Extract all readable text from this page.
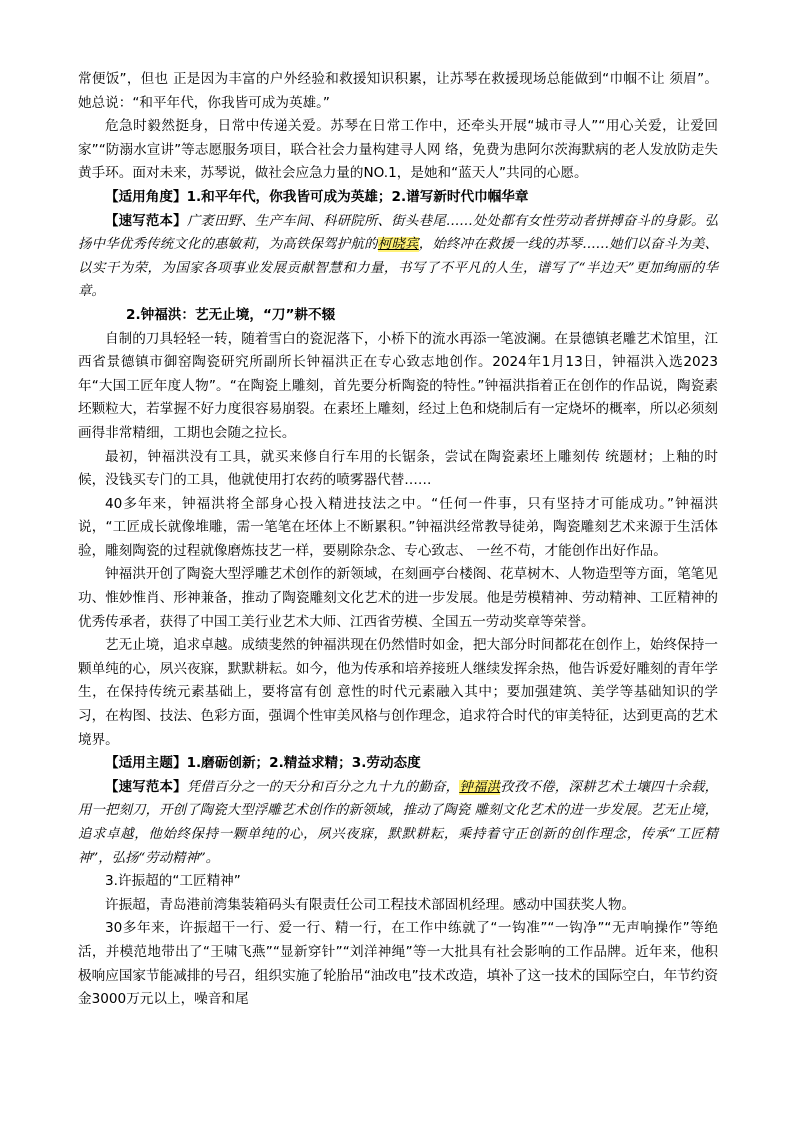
常便饭”，但也 正是因为丰富的户外经验和救援知识积累，让苏琴在救援现场总能做到“巾帼不让 须眉”。她总说：“和平年代，你我皆可成为英雄。”

危急时毅然挺身，日常中传递关爱。苏琴在日常工作中，还牵头开展“城市寻人”“用心关爱，让爱回家”“防溺水宣讲”等志愿服务项目，联合社会力量构建寻人网 络，免费为患阿尔茨海默病的老人发放防走失黄手环。面对未来，苏琴说，做社会应急力量的NO.1，是她和“蓝天人”共同的心愿。

【适用角度】1.和平年代，你我皆可成为英雄；2.谱写新时代巾帼华章

【速写范本】广袤田野、生产车间、科研院所、街头巷尾……处处都有女性劳动者拼搏奋斗的身影。弘扬中华优秀传统文化的惠敏莉，为高铁保驾护航的柯晓宾，始终冲在救援一线的苏琴……她们以奋斗为美、以实干为荣，为国家各项事业发展贡献智慧和力量，书写了不平凡的人生，谱写了“半边天”更加绚丽的华章。

2.钟福洪：艺无止境，“刀”耕不辍

自制的刀具轻轻一转，随着雪白的瓷泥落下，小桥下的流水再添一笔波澜。在景德镇老雕艺术馆里，江西省景德镇市御窑陶瓷研究所副所长钟福洪正在专心致志地创作。2024年1月13日，钟福洪入选2023年“大国工匠年度人物”。“在陶瓷上雕刻，首先要分析陶瓷的特性。”钟福洪指着正在创作的作品说，陶瓷素坯颗粒大，若掌握不好力度很容易崩裂。在素坯上雕刻，经过上色和烧制后有一定烧坏的概率，所以必须刻画得非常精细，工期也会随之拉长。

最初，钟福洪没有工具，就买来修自行车用的长锯条，尝试在陶瓷素坯上雕刻传 统题材；上釉的时候，没钱买专门的工具，他就使用打农药的喷雾器代替……

40多年来，钟福洪将全部身心投入精进技法之中。“任何一件事，只有坚持才可能成功。”钟福洪说，“工匠成长就像堆雕，需一笔笔在坯体上不断累积。”钟福洪经常教导徒弟，陶瓷雕刻艺术来源于生活体验，雕刻陶瓷的过程就像磨炼技艺一样，要剔除杂念、专心致志、 一丝不苟，才能创作出好作品。

钟福洪开创了陶瓷大型浮雕艺术创作的新领域，在刻画亭台楼阁、花草树木、人物造型等方面，笔笔见功、惟妙惟肖、形神兼备，推动了陶瓷雕刻文化艺术的进一步发展。他是劳模精神、劳动精神、工匠精神的优秀传承者，获得了中国工美行业艺术大师、江西省劳模、全国五一劳动奖章等荣誉。

艺无止境，追求卓越。成绩斐然的钟福洪现在仍然惜时如金，把大部分时间都花在创作上，始终保持一颗单纯的心，夙兴夜寐，默默耕耘。如今，他为传承和培养接班人继续发挥余热，他告诉爱好雕刻的青年学生，在保持传统元素基础上，要将富有创 意性的时代元素融入其中；要加强建筑、美学等基础知识的学习，在构图、技法、色彩方面，强调个性审美风格与创作理念，追求符合时代的审美特征，达到更高的艺术境界。

【适用主题】1.磨砺创新；2.精益求精；3.劳动态度

【速写范本】凭借百分之一的天分和百分之九十九的勤奋，钟福洪孜孜不倦，深耕艺术土壤四十余载，用一把刻刀，开创了陶瓷大型浮雕艺术创作的新领域，推动了陶瓷 雕刻文化艺术的进一步发展。艺无止境，追求卓越，他始终保持一颗单纯的心，夙兴夜寐，默默耕耘，乘持着守正创新的创作理念，传承“工匠精神”，弘扬“劳动精神”。

3.许振超的“工匠精神”

许振超，青岛港前湾集装箱码头有限责任公司工程技术部固机经理。感动中国获奖人物。

30多年来，许振超干一行、爱一行、精一行，在工作中练就了“一钩准”“一钩净”“无声响操作”等绝活，并模范地带出了“王啸飞燕”“显新穿针”“刘洋神绳”等一大批具有社会影响的工作品牌。近年来，他积极响应国家节能减排的号召，组织实施了轮胎吊“油改电”技术改造，填补了这一技术的国际空白，年节约资金3000万元以上，噪音和尾
